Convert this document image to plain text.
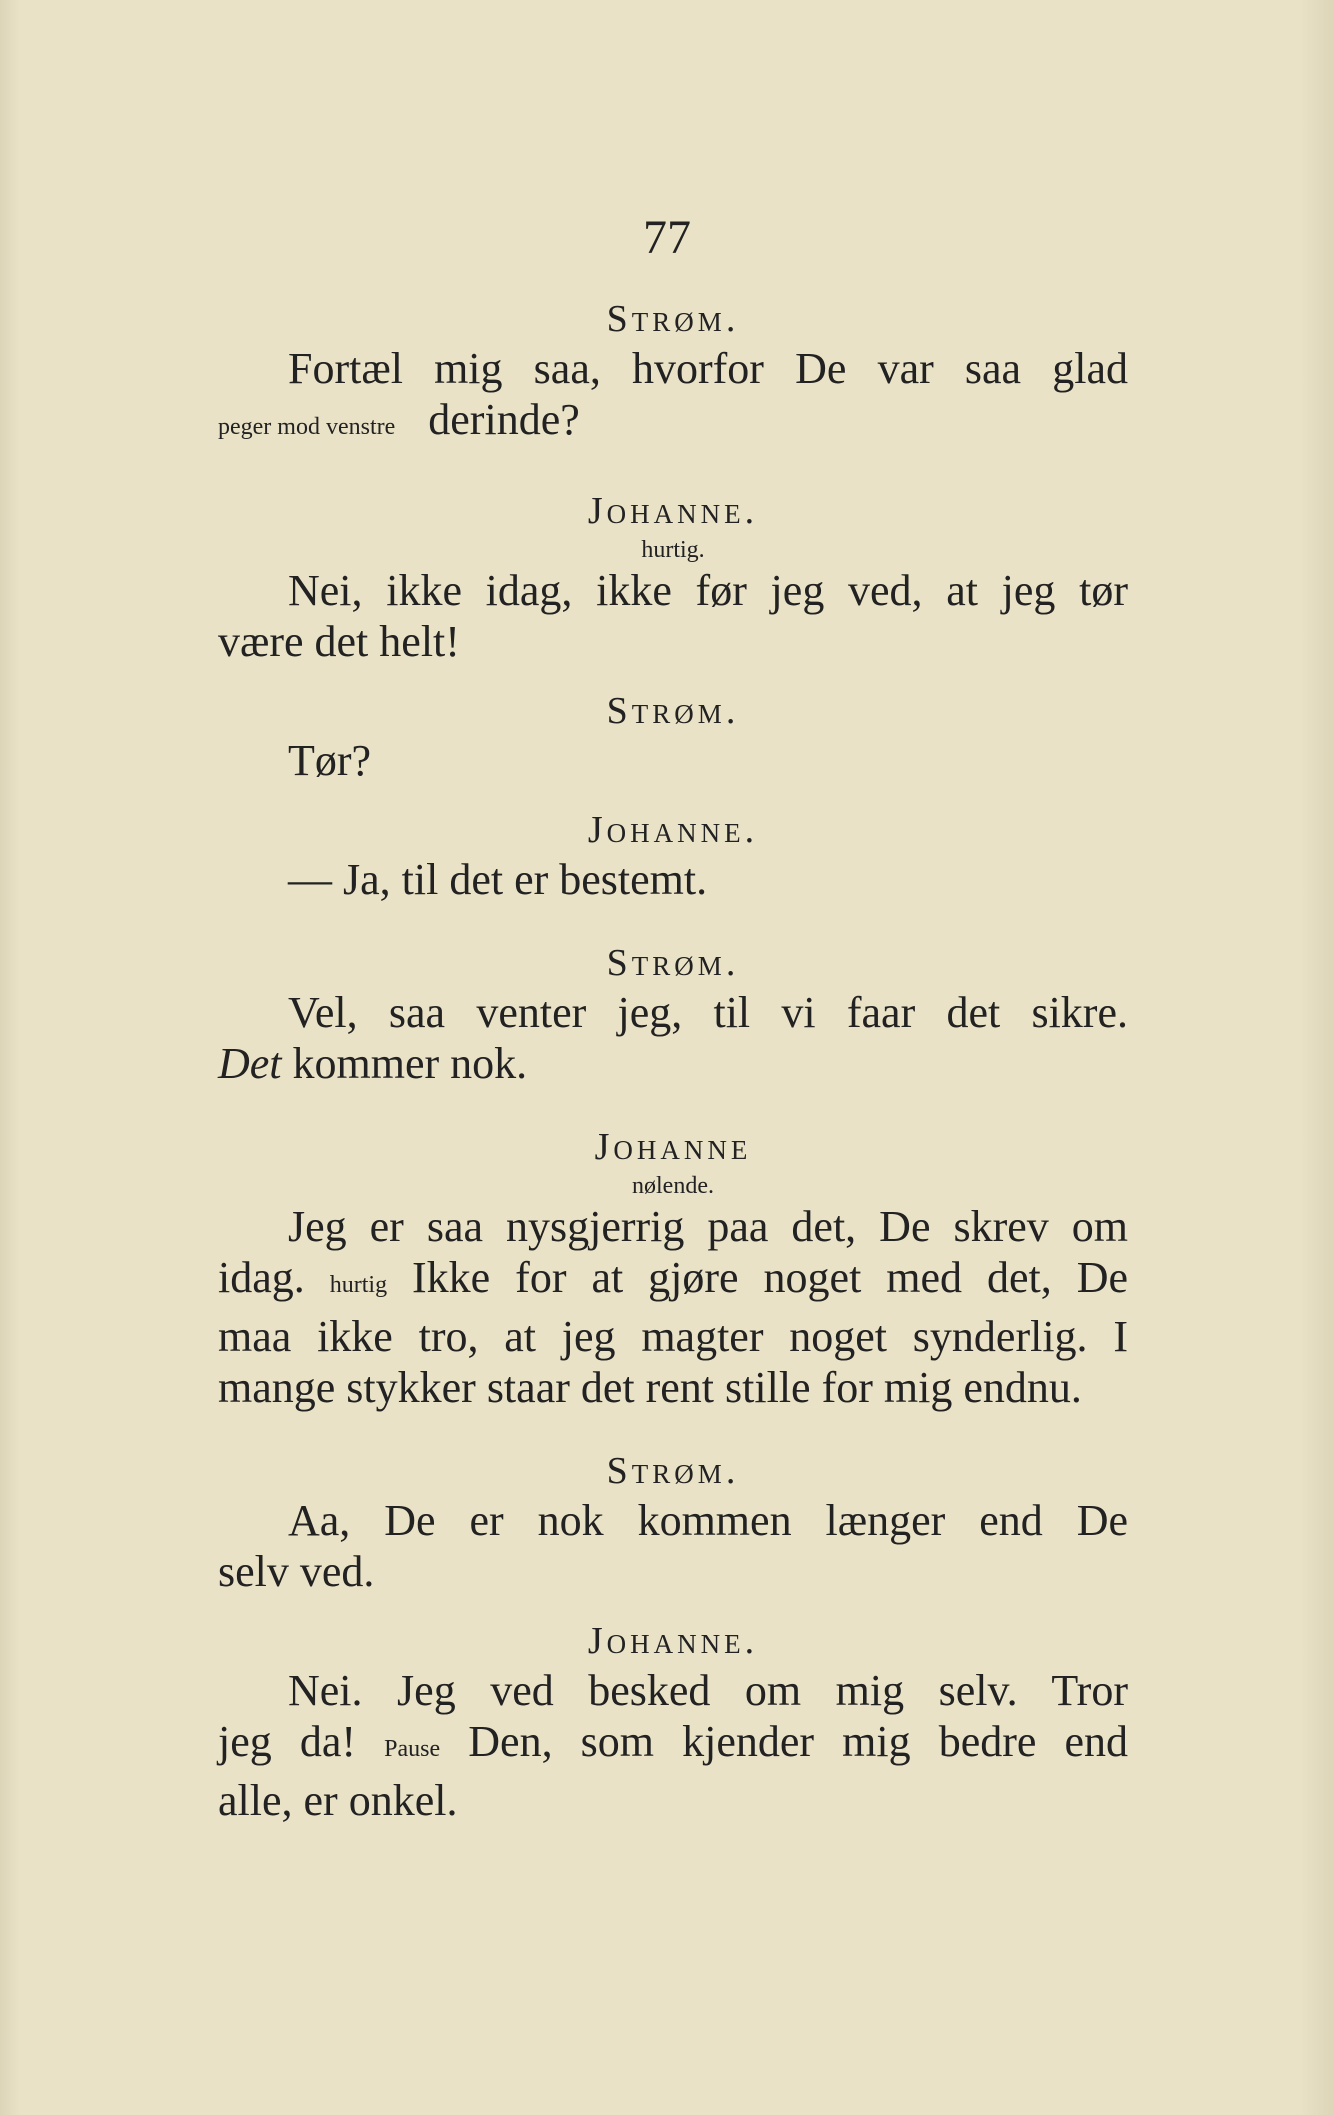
77

Strøm.

Fortæl mig saa, hvorfor De var saa glad

peger mod venstre derinde?

Johanne.

hurtig.

Nei, ikke idag, ikke før jeg ved, at jeg tør

være det helt!

Strøm.

Tør?

Johanne.

— Ja, til det er bestemt.

Strøm.

Vel, saa venter jeg, til vi faar det sikre.

Det kommer nok.

Johanne

nølende.

Jeg er saa nysgjerrig paa det, De skrev om

idag. hurtig Ikke for at gjøre noget med det, De

maa ikke tro, at jeg magter noget synderlig. I

mange stykker staar det rent stille for mig endnu.

Strøm.

Aa, De er nok kommen længer end De

selv ved.

Johanne.

Nei. Jeg ved besked om mig selv. Tror

jeg da! Pause Den, som kjender mig bedre end

alle, er onkel.
